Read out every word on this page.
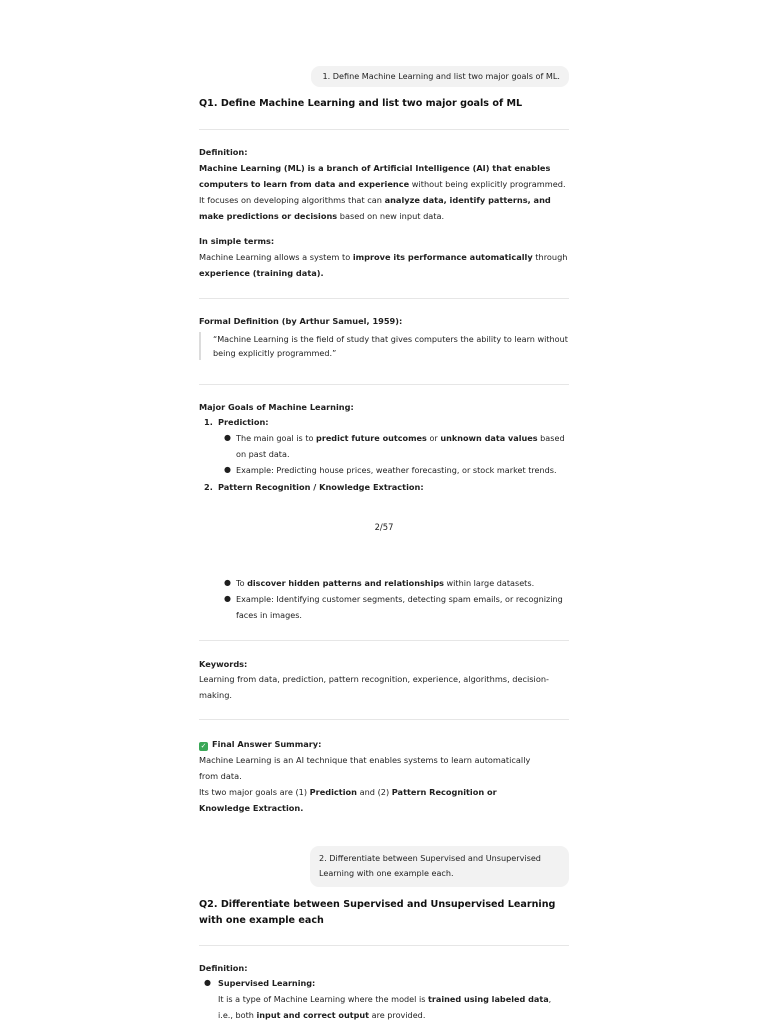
1. Define Machine Learning and list two major goals of ML.
Q1. Define Machine Learning and list two major goals of ML
Definition:
Machine Learning (ML) is a branch of Artificial Intelligence (AI) that enables computers to learn from data and experience without being explicitly programmed.
It focuses on developing algorithms that can analyze data, identify patterns, and make predictions or decisions based on new input data.
In simple terms:
Machine Learning allows a system to improve its performance automatically through experience (training data).
Formal Definition (by Arthur Samuel, 1959):
“Machine Learning is the field of study that gives computers the ability to learn without being explicitly programmed.”
Major Goals of Machine Learning:
1. Prediction:
● The main goal is to predict future outcomes or unknown data values based on past data.
● Example: Predicting house prices, weather forecasting, or stock market trends.
2. Pattern Recognition / Knowledge Extraction:
2/57
● To discover hidden patterns and relationships within large datasets.
● Example: Identifying customer segments, detecting spam emails, or recognizing faces in images.
Keywords:
Learning from data, prediction, pattern recognition, experience, algorithms, decision-making.
✓ Final Answer Summary:
Machine Learning is an AI technique that enables systems to learn automatically from data.
Its two major goals are (1) Prediction and (2) Pattern Recognition or Knowledge Extraction.
2. Differentiate between Supervised and Unsupervised Learning with one example each.
Q2. Differentiate between Supervised and Unsupervised Learning with one example each
Definition:
● Supervised Learning:
It is a type of Machine Learning where the model is trained using labeled data, i.e., both input and correct output are provided.
